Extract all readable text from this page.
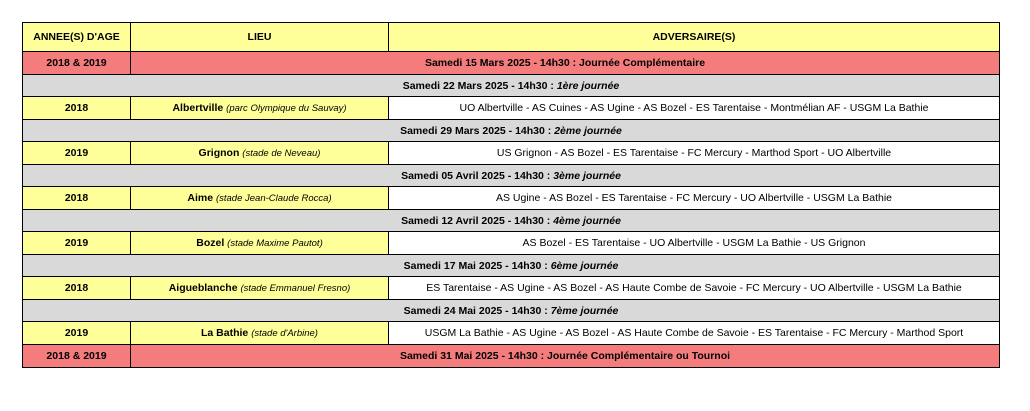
ANNEE(S) D'AGE	LIEU	ADVERSAIRE(S)
2018 & 2019	Samedi 15 Mars 2025 - 14h30 : Journée Complémentaire	
Samedi 22 Mars 2025 - 14h30 : 1ère journée		
2018	Albertville (parc Olympique du Sauvay)	UO Albertville - AS Cuines - AS Ugine - AS Bozel - ES Tarentaise - Montmélian AF - USGM La Bathie
Samedi 29 Mars 2025 - 14h30 : 2ème journée		
2019	Grignon (stade de Neveau)	US Grignon - AS Bozel - ES Tarentaise - FC Mercury - Marthod Sport - UO Albertville
Samedi 05 Avril 2025 - 14h30 : 3ème journée		
2018	Aime (stade Jean-Claude Rocca)	AS Ugine - AS Bozel - ES Tarentaise - FC Mercury - UO Albertville - USGM La Bathie
Samedi 12 Avril 2025 - 14h30 : 4ème journée		
2019	Bozel (stade Maxime Pautot)	AS Bozel - ES Tarentaise - UO Albertville - USGM La Bathie - US Grignon
Samedi 17 Mai 2025 - 14h30 : 6ème journée		
2018	Aigueblanche (stade Emmanuel Fresno)	ES Tarentaise - AS Ugine - AS Bozel - AS Haute Combe de Savoie - FC Mercury - UO Albertville - USGM La Bathie
Samedi 24 Mai 2025 - 14h30 : 7ème journée		
2019	La Bathie (stade d'Arbine)	USGM La Bathie - AS Ugine - AS Bozel - AS Haute Combe de Savoie - ES Tarentaise - FC Mercury - Marthod Sport
2018 & 2019	Samedi 31 Mai 2025 - 14h30 : Journée Complémentaire ou Tournoi	
